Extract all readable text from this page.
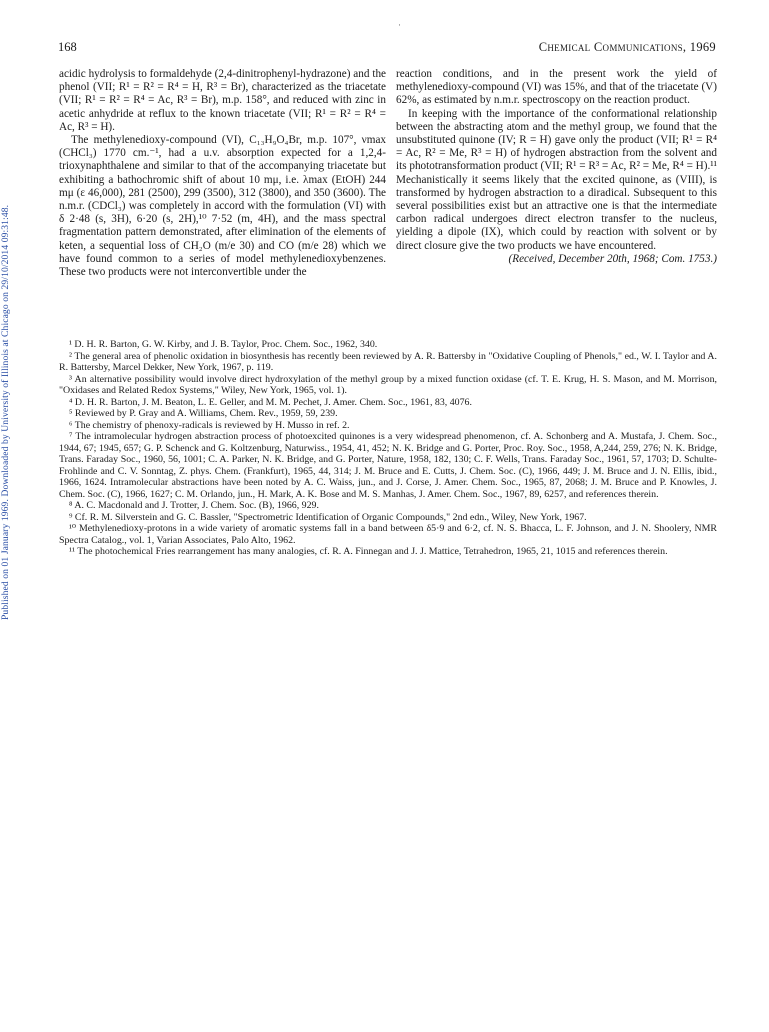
·
168	Chemical Communications, 1969
Published on 01 January 1969. Downloaded by University of Illinois at Chicago on 29/10/2014 09:31:48.

acidic hydrolysis to formaldehyde (2,4-dinitrophenyl-hydrazone) and the phenol (VII; R¹ = R² = R⁴ = H, R³ = Br), characterized as the triacetate (VII; R¹ = R² = R⁴ = Ac, R³ = Br), m.p. 158°, and reduced with zinc in acetic anhydride at reflux to the known triacetate (VII; R¹ = R² = R⁴ = Ac, R³ = H).

The methylenedioxy-compound (VI), C₁₃H₉O₄Br, m.p. 107°, νmax (CHCl₃) 1770 cm.⁻¹, had a u.v. absorption expected for a 1,2,4-trioxynaphthalene and similar to that of the accompanying triacetate but exhibiting a bathochromic shift of about 10 mμ, i.e. λmax (EtOH) 244 mμ (ε 46,000), 281 (2500), 299 (3500), 312 (3800), and 350 (3600). The n.m.r. (CDCl₃) was completely in accord with the formulation (VI) with δ 2·48 (s, 3H), 6·20 (s, 2H),¹⁰ 7·52 (m, 4H), and the mass spectral fragmentation pattern demonstrated, after elimination of the elements of keten, a sequential loss of CH₂O (m/e 30) and CO (m/e 28) which we have found common to a series of model methylenedioxybenzenes. These two products were not interconvertible under the

reaction conditions, and in the present work the yield of methylenedioxy-compound (VI) was 15%, and that of the triacetate (V) 62%, as estimated by n.m.r. spectroscopy on the reaction product.

In keeping with the importance of the conformational relationship between the abstracting atom and the methyl group, we found that the unsubstituted quinone (IV; R = H) gave only the product (VII; R¹ = R⁴ = Ac, R² = Me, R³ = H) of hydrogen abstraction from the solvent and its phototransformation product (VII; R¹ = R³ = Ac, R² = Me, R⁴ = H).¹¹ Mechanistically it seems likely that the excited quinone, as (VIII), is transformed by hydrogen abstraction to a diradical. Subsequent to this several possibilities exist but an attractive one is that the intermediate carbon radical undergoes direct electron transfer to the nucleus, yielding a dipole (IX), which could by reaction with solvent or by direct closure give the two products we have encountered.

(Received, December 20th, 1968; Com. 1753.)

¹ D. H. R. Barton, G. W. Kirby, and J. B. Taylor, Proc. Chem. Soc., 1962, 340.

² The general area of phenolic oxidation in biosynthesis has recently been reviewed by A. R. Battersby in "Oxidative Coupling of Phenols," ed., W. I. Taylor and A. R. Battersby, Marcel Dekker, New York, 1967, p. 119.

³ An alternative possibility would involve direct hydroxylation of the methyl group by a mixed function oxidase (cf. T. E. Krug, H. S. Mason, and M. Morrison, "Oxidases and Related Redox Systems," Wiley, New York, 1965, vol. 1).

⁴ D. H. R. Barton, J. M. Beaton, L. E. Geller, and M. M. Pechet, J. Amer. Chem. Soc., 1961, 83, 4076.

⁵ Reviewed by P. Gray and A. Williams, Chem. Rev., 1959, 59, 239.

⁶ The chemistry of phenoxy-radicals is reviewed by H. Musso in ref. 2.

⁷ The intramolecular hydrogen abstraction process of photoexcited quinones is a very widespread phenomenon, cf. A. Schonberg and A. Mustafa, J. Chem. Soc., 1944, 67; 1945, 657; G. P. Schenck and G. Koltzenburg, Naturwiss., 1954, 41, 452; N. K. Bridge and G. Porter, Proc. Roy. Soc., 1958, A,244, 259, 276; N. K. Bridge, Trans. Faraday Soc., 1960, 56, 1001; C. A. Parker, N. K. Bridge, and G. Porter, Nature, 1958, 182, 130; C. F. Wells, Trans. Faraday Soc., 1961, 57, 1703; D. Schulte-Frohlinde and C. V. Sonntag, Z. phys. Chem. (Frankfurt), 1965, 44, 314; J. M. Bruce and E. Cutts, J. Chem. Soc. (C), 1966, 449; J. M. Bruce and J. N. Ellis, ibid., 1966, 1624. Intramolecular abstractions have been noted by A. C. Waiss, jun., and J. Corse, J. Amer. Chem. Soc., 1965, 87, 2068; J. M. Bruce and P. Knowles, J. Chem. Soc. (C), 1966, 1627; C. M. Orlando, jun., H. Mark, A. K. Bose and M. S. Manhas, J. Amer. Chem. Soc., 1967, 89, 6257, and references therein.

⁸ A. C. Macdonald and J. Trotter, J. Chem. Soc. (B), 1966, 929.

⁹ Cf. R. M. Silverstein and G. C. Bassler, "Spectrometric Identification of Organic Compounds," 2nd edn., Wiley, New York, 1967.

¹⁰ Methylenedioxy-protons in a wide variety of aromatic systems fall in a band between δ5·9 and 6·2, cf. N. S. Bhacca, L. F. Johnson, and J. N. Shoolery, NMR Spectra Catalog., vol. 1, Varian Associates, Palo Alto, 1962.

¹¹ The photochemical Fries rearrangement has many analogies, cf. R. A. Finnegan and J. J. Mattice, Tetrahedron, 1965, 21, 1015 and references therein.
